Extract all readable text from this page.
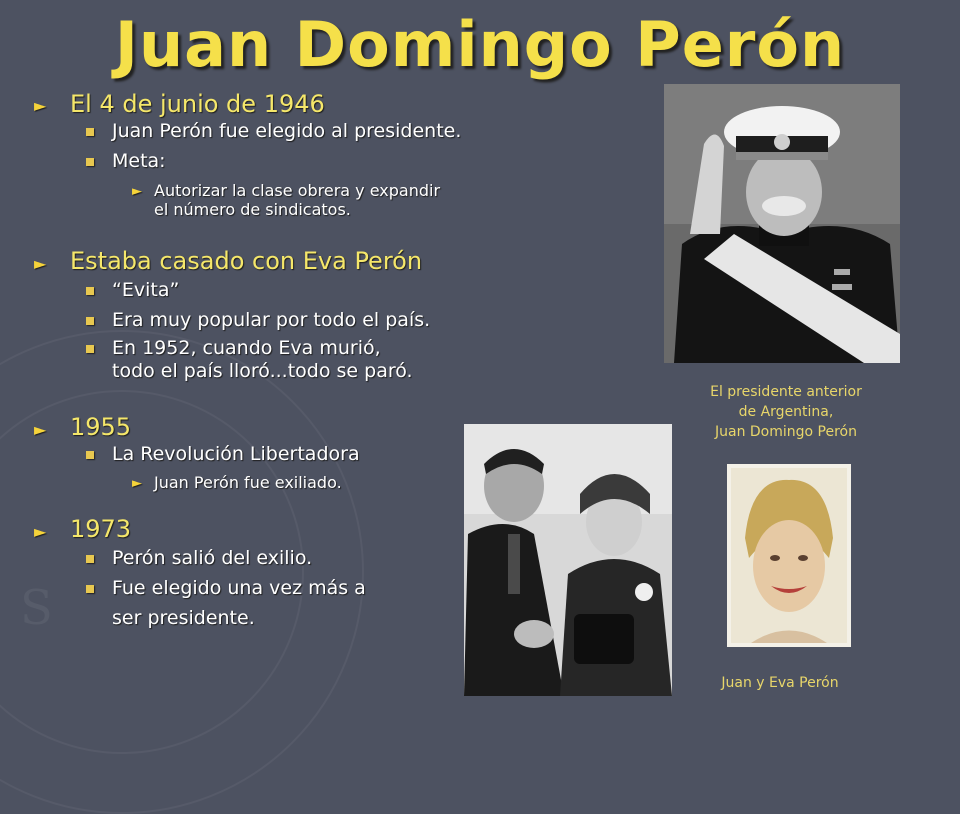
S
Juan Domingo Perón
► El 4 de junio de 1946
Juan Perón fue elegido al presidente.
Meta:
► Autorizar la clase obrera y expandir
el número de sindicatos.
► Estaba casado con Eva Perón
“Evita”
Era muy popular por todo el país.
En 1952, cuando Eva murió,
todo el país lloró...todo se paró.
► 1955
La Revolución Libertadora
► Juan Perón fue exiliado.
► 1973
Perón salió del exilio.
Fue elegido una vez más a
ser presidente.
El presidente anterior
de Argentina,
Juan Domingo Perón
Juan y Eva Perón
